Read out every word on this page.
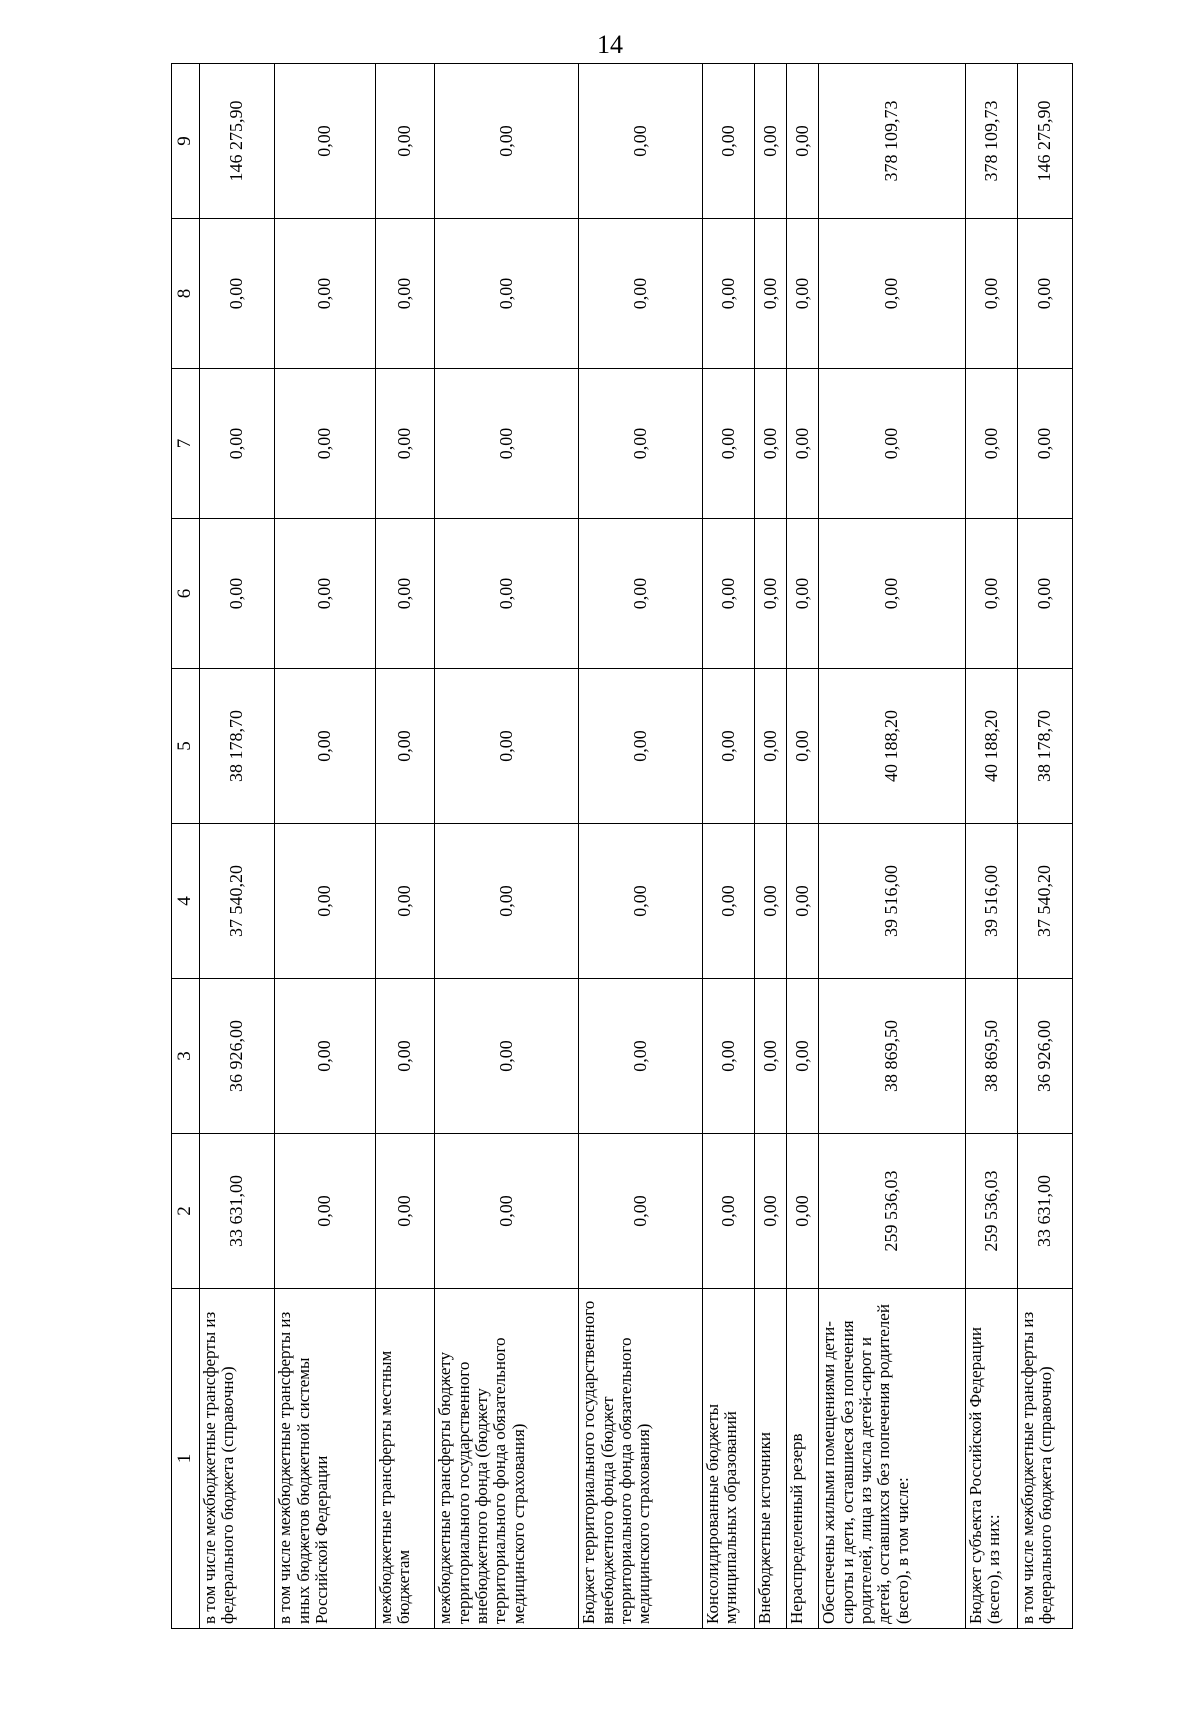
14
1	2	3	4	5	6	7	8	9
в том числе межбюджетные трансферты из федерального бюджета (справочно)	33 631,00	36 926,00	37 540,20	38 178,70	0,00	0,00	0,00	146 275,90
в том числе межбюджетные трансферты из иных бюджетов бюджетной системы Российской Федерации	0,00	0,00	0,00	0,00	0,00	0,00	0,00	0,00
межбюджетные трансферты местным бюджетам	0,00	0,00	0,00	0,00	0,00	0,00	0,00	0,00
межбюджетные трансферты бюджету территориального государственного внебюджетного фонда (бюджету территориального фонда обязательного медицинского страхования)	0,00	0,00	0,00	0,00	0,00	0,00	0,00	0,00
Бюджет территориального государственного внебюджетного фонда (бюджет территориального фонда обязательного медицинского страхования)	0,00	0,00	0,00	0,00	0,00	0,00	0,00	0,00
Консолидированные бюджеты муниципальных образований	0,00	0,00	0,00	0,00	0,00	0,00	0,00	0,00
Внебюджетные источники	0,00	0,00	0,00	0,00	0,00	0,00	0,00	0,00
Нераспределенный резерв	0,00	0,00	0,00	0,00	0,00	0,00	0,00	0,00
Обеспечены жилыми помещениями дети-сироты и дети, оставшиеся без попечения родителей, лица из числа детей-сирот и детей, оставшихся без попечения родителей (всего), в том числе:	259 536,03	38 869,50	39 516,00	40 188,20	0,00	0,00	0,00	378 109,73
Бюджет субъекта Российской Федерации (всего), из них:	259 536,03	38 869,50	39 516,00	40 188,20	0,00	0,00	0,00	378 109,73
в том числе межбюджетные трансферты из федерального бюджета (справочно)	33 631,00	36 926,00	37 540,20	38 178,70	0,00	0,00	0,00	146 275,90
